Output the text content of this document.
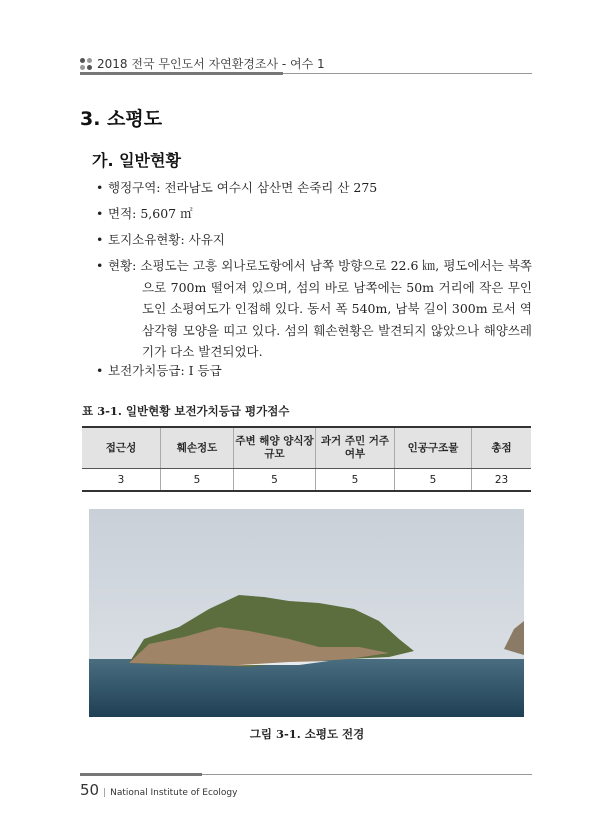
2018 전국 무인도서 자연환경조사 - 여수 1
3. 소평도
가. 일반현황
• 행정구역: 전라남도 여수시 삼산면 손죽리 산 275
• 면적: 5,607 ㎡
• 토지소유현황: 사유지
• 현황: 소평도는 고흥 외나로도항에서 남쪽 방향으로 22.6 ㎞, 평도에서는 북쪽으로 700m 떨어져 있으며, 섬의 바로 남쪽에는 50m 거리에 작은 무인도인 소평여도가 인접해 있다. 동서 폭 540m, 남북 길이 300m 로서 역삼각형 모양을 띠고 있다. 섬의 훼손현황은 발견되지 않았으나 해양쓰레기가 다소 발견되었다.
• 보전가치등급: I 등급
표 3-1. 일반현황 보전가치등급 평가점수
접근성	훼손정도	주변 해양 양식장 규모	과거 주민 거주 여부	인공구조물	총점
3	5	5	5	5	23
그림 3-1. 소평도 전경
50 | National Institute of Ecology
